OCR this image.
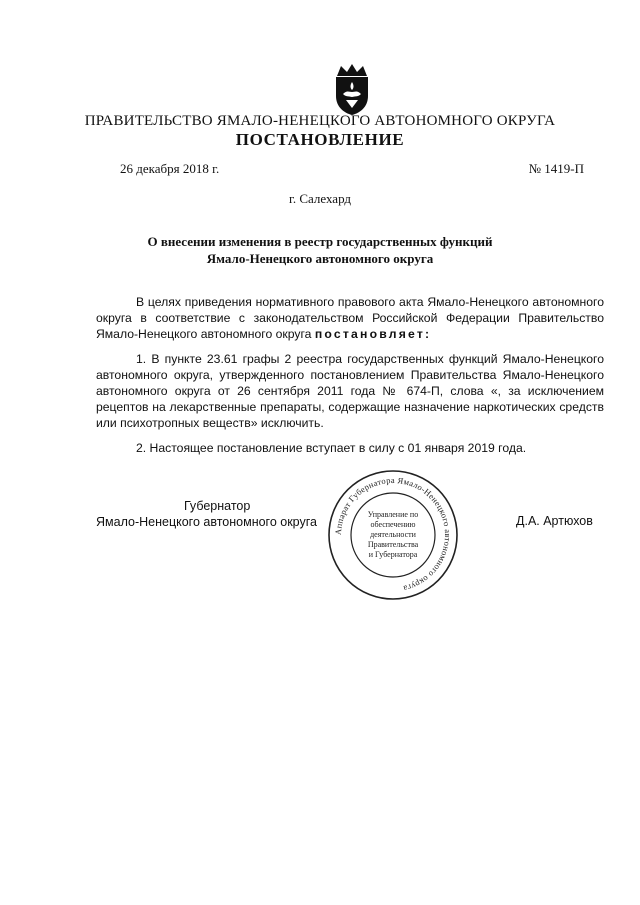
ПРАВИТЕЛЬСТВО ЯМАЛО-НЕНЕЦКОГО АВТОНОМНОГО ОКРУГА
ПОСТАНОВЛЕНИЕ
26 декабря 2018 г.	№ 1419-П
г. Салехард
О внесении изменения в реестр государственных функций
Ямало-Ненецкого автономного округа
В целях приведения нормативного правового акта Ямало-Ненецкого автономного округа в соответствие с законодательством Российской Федерации Правительство Ямало-Ненецкого автономного округа постановляет:
1. В пункте 23.61 графы 2 реестра государственных функций Ямало-Ненецкого автономного округа, утвержденного постановлением Правительства Ямало-Ненецкого автономного округа от 26 сентября 2011 года № 674-П, слова «, за исключением рецептов на лекарственные препараты, содержащие назначение наркотических средств или психотропных веществ» исключить.
2. Настоящее постановление вступает в силу с 01 января 2019 года.
Губернатор
Ямало-Ненецкого автономного округа	Д.А. Артюхов
Аппарат Губернатора Ямало-Ненецкого автономного округа
Управление по
обеспечению
деятельности
Правительства
и Губернатора
